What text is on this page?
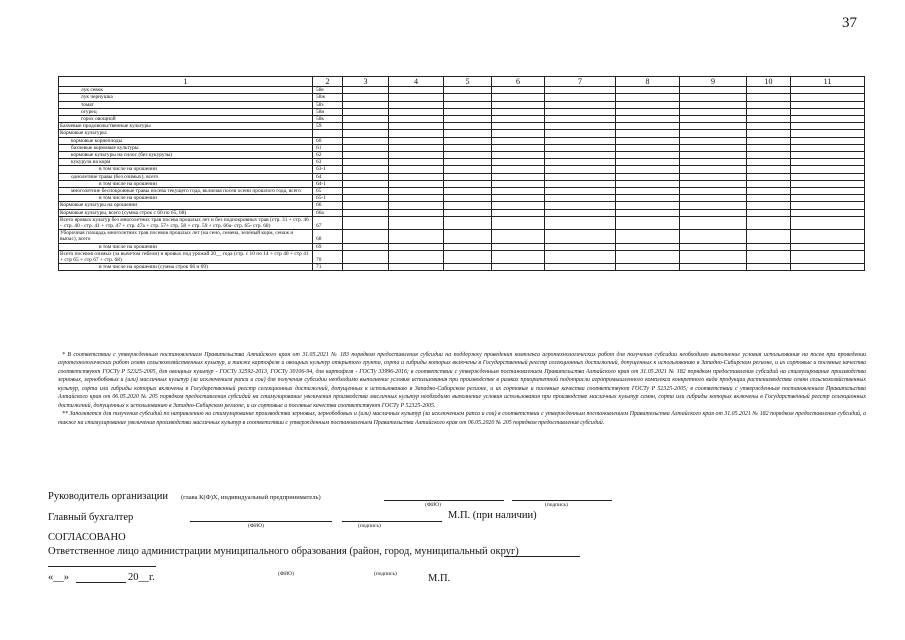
37
1	2	3	4	5	6	7	8	9	10	11
лук севок	58е									
лук чернушка	58ж									
томат	58з									
огурец	58и									
горох овощной	58к									
Бахчевые продовольственные культуры	59									
Кормовые культуры:										
кормовые корнеплоды	60									
бахчевые кормовые культуры	61									
кормовые культуры на силос (без кукурузы)	62									
кукуруза на корм	63									
в том числе на орошении	63-1									
однолетние травы (без озимых), всего	64									
в том числе на орошении	64-1									
многолетние беспокровные травы посева текущего года, включая посев осени прошлого года, всего	65									
в том числе на орошении	65-1									
Кормовые культуры на орошении	66									
Кормовые культуры, всего (сумма строк с 60 по 65, 68)	66а									
Всего яровых культур без многолетних трав посева прошлых лет и без подпокровных трав (стр. 31 + стр. 46 – стр. 40 - стр. 41 + стр. 47 + стр. 47а + стр. 57+ стр. 58 + стр. 59 + стр. 66а- стр. 65- стр. 68)	67									
Уборочная площадь многолетних трав посевов прошлых лет (на сено, семена, зелёный корм, сенаж и выпас), всего	68									
в том числе на орошении	69									
Всего посевов озимых (за вычетом гибели) и яровых под урожай 20__ года (стр. с 10 по 14 + стр 40 + стр 41 + стр 65 + стр 67 + стр. 68)	70									
в том числе на орошении (сумма строк 66 и 69)	71									

* В соответствии с утвержденным постановлением Правительства Алтайского края от 31.05.2021 № 183 порядком предоставления субсидии на поддержку проведения комплекса агротехнологических работ для получения субсидии необходимо выполнение условия использования на посев при проведении агротехнологических работ семян сельскохозяйственных культур, а также картофеля и овощных культур открытого грунта, сорта и гибриды которых включены в Государственный реестр селекционных достижений, допущенных к использованию в Западно-Сибирском регионе, и их сортовые и посевные качества соответствуют ГОСТу Р 52325-2005, для овощных культур - ГОСТу 32592-2013, ГОСТу 30106-94, для картофеля - ГОСТу 33996-2016; в соответствии с утвержденным постановлением Правительства Алтайского края от 31.05.2021 № 182 порядком предоставления субсидий на стимулирование производства зерновых, зернобобовых и (или) масличных культур (за исключением рапса и сои) для получения субсидии необходимо выполнение условия использования при производстве в рамках приоритетной подотрасли агропромышленного комплекса конкретного вида продукции растениеводства семян сельскохозяйственных культур, сорта или гибриды которых включены в Государственный реестр селекционных достижений, допущенных к использованию в Западно-Сибирском регионе, и их сортовые и посевные качества соответствуют ГОСТу Р 52325-2005; в соответствии с утвержденным постановлением Правительства Алтайского края от 06.05.2020 № 205 порядком предоставления субсидий на стимулирование увеличения производства масличных культур необходимо выполнение условия использования при производстве масличных культур семян, сорта или гибриды которых включены в Государственный реестр селекционных достижений, допущенных к использованию в Западно-Сибирском регионе, и их сортовые и посевные качества соответствуют ГОСТу Р 52325-2005.

** Заполняется для получения субсидий по направлению на стимулирование производства зерновых, зернобобовых и (или) масличных культур (за исключением рапса и сои) в соответствии с утвержденным постановлением Правительства Алтайского края от 31.05.2021 № 182 порядком предоставления субсидий, а также на стимулирование увеличения производства масличных культур в соответствии с утвержденным постановлением Правительства Алтайского края от 06.05.2020 № 205 порядком предоставления субсидий.

Руководитель организации (глава К(Ф)Х, индивидуальный предприниматель)
(ФИО)	(подпись)
Главный бухгалтер	М.П. (при наличии)
(ФИО)	(подпись)
СОГЛАСОВАНО
Ответственное лицо администрации муниципального образования (район, город, муниципальный округ)
(ФИО)	(подпись)
«__»	20__г.	М.П.
